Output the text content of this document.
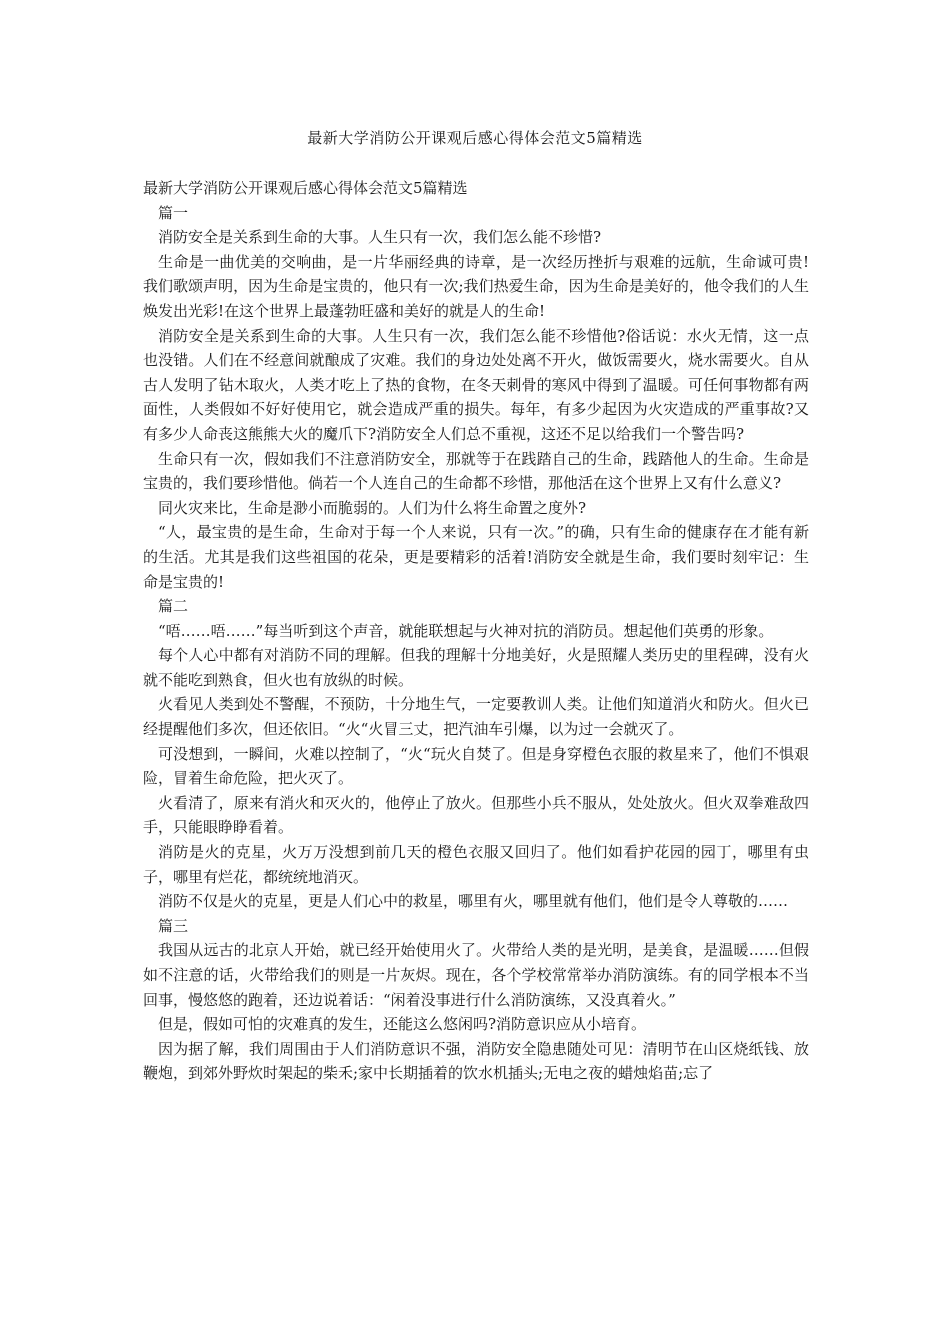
最新大学消防公开课观后感心得体会范文5篇精选

最新大学消防公开课观后感心得体会范文5篇精选

篇一

消防安全是关系到生命的大事。人生只有一次，我们怎么能不珍惜?

生命是一曲优美的交响曲，是一片华丽经典的诗章，是一次经历挫折与艰难的远航，生命诚可贵!我们歌颂声明，因为生命是宝贵的，他只有一次;我们热爱生命，因为生命是美好的，他令我们的人生焕发出光彩!在这个世界上最蓬勃旺盛和美好的就是人的生命!

消防安全是关系到生命的大事。人生只有一次，我们怎么能不珍惜他?俗话说：水火无情，这一点也没错。人们在不经意间就酿成了灾难。我们的身边处处离不开火，做饭需要火，烧水需要火。自从古人发明了钻木取火，人类才吃上了热的食物，在冬天刺骨的寒风中得到了温暖。可任何事物都有两面性，人类假如不好好使用它，就会造成严重的损失。每年，有多少起因为火灾造成的严重事故?又有多少人命丧这熊熊大火的魔爪下?消防安全人们总不重视，这还不足以给我们一个警告吗?

生命只有一次，假如我们不注意消防安全，那就等于在践踏自己的生命，践踏他人的生命。生命是宝贵的，我们要珍惜他。倘若一个人连自己的生命都不珍惜，那他活在这个世界上又有什么意义?

同火灾来比，生命是渺小而脆弱的。人们为什么将生命置之度外?

“人，最宝贵的是生命，生命对于每一个人来说，只有一次。”的确，只有生命的健康存在才能有新的生活。尤其是我们这些祖国的花朵，更是要精彩的活着!消防安全就是生命，我们要时刻牢记：生命是宝贵的!

篇二

“唔……唔……”每当听到这个声音，就能联想起与火神对抗的消防员。想起他们英勇的形象。

每个人心中都有对消防不同的理解。但我的理解十分地美好，火是照耀人类历史的里程碑，没有火就不能吃到熟食，但火也有放纵的时候。

火看见人类到处不警醒，不预防，十分地生气，一定要教训人类。让他们知道消火和防火。但火已经提醒他们多次，但还依旧。“火“火冒三丈，把汽油车引爆，以为过一会就灭了。

可没想到，一瞬间，火难以控制了，“火“玩火自焚了。但是身穿橙色衣服的救星来了，他们不惧艰险，冒着生命危险，把火灭了。

火看清了，原来有消火和灭火的，他停止了放火。但那些小兵不服从，处处放火。但火双拳难敌四手，只能眼睁睁看着。

消防是火的克星，火万万没想到前几天的橙色衣服又回归了。他们如看护花园的园丁，哪里有虫子，哪里有烂花，都统统地消灭。

消防不仅是火的克星，更是人们心中的救星，哪里有火，哪里就有他们，他们是令人尊敬的……

篇三

我国从远古的北京人开始，就已经开始使用火了。火带给人类的是光明，是美食，是温暖……但假如不注意的话，火带给我们的则是一片灰烬。现在，各个学校常常举办消防演练。有的同学根本不当回事，慢悠悠的跑着，还边说着话：“闲着没事进行什么消防演练，又没真着火。”

但是，假如可怕的灾难真的发生，还能这么悠闲吗?消防意识应从小培育。

因为据了解，我们周围由于人们消防意识不强，消防安全隐患随处可见：清明节在山区烧纸钱、放鞭炮，到郊外野炊时架起的柴禾;家中长期插着的饮水机插头;无电之夜的蜡烛焰苗;忘了
